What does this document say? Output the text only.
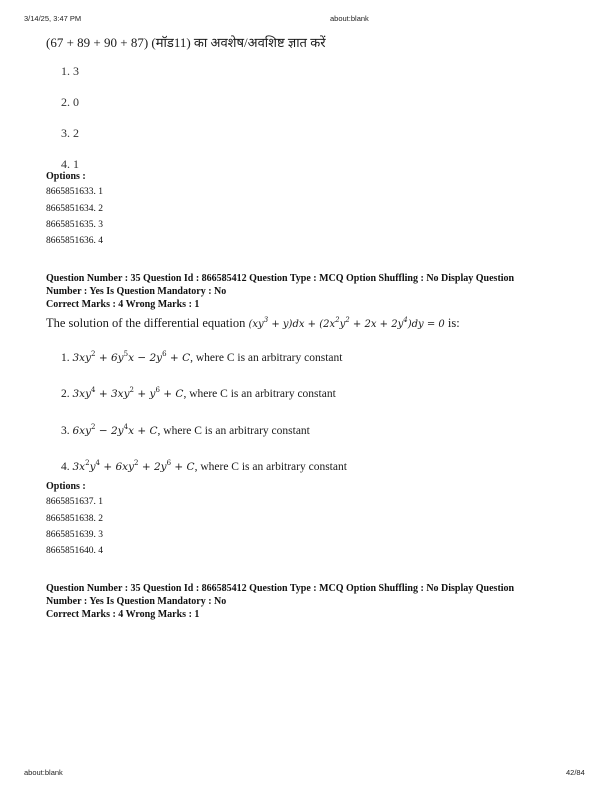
3/14/25, 3:47 PM	about:blank
(67 + 89 + 90 + 87) (मॉड11) का अवशेष/अवशिष्ट ज्ञात करें
1. 3
2. 0
3. 2
4. 1
Options :
8665851633. 1
8665851634. 2
8665851635. 3
8665851636. 4
Question Number : 35 Question Id : 866585412 Question Type : MCQ Option Shuffling : No Display Question
Number : Yes Is Question Mandatory : No
Correct Marks : 4 Wrong Marks : 1
The solution of the differential equation $(xy^3 + y)dx + (2x^2y^2 + 2x + 2y^4)dy = 0$ is:
1. $3xy^2 + 6y^5x - 2y^6 + C$, where C is an arbitrary constant
2. $3xy^4 + 3xy^2 + y^6 + C$, where C is an arbitrary constant
3. $6xy^2 - 2y^4x + C$, where C is an arbitrary constant
4. $3x^2y^4 + 6xy^2 + 2y^6 + C$, where C is an arbitrary constant
Options :
8665851637. 1
8665851638. 2
8665851639. 3
8665851640. 4
Question Number : 35 Question Id : 866585412 Question Type : MCQ Option Shuffling : No Display Question
Number : Yes Is Question Mandatory : No
Correct Marks : 4 Wrong Marks : 1
about:blank	42/84
